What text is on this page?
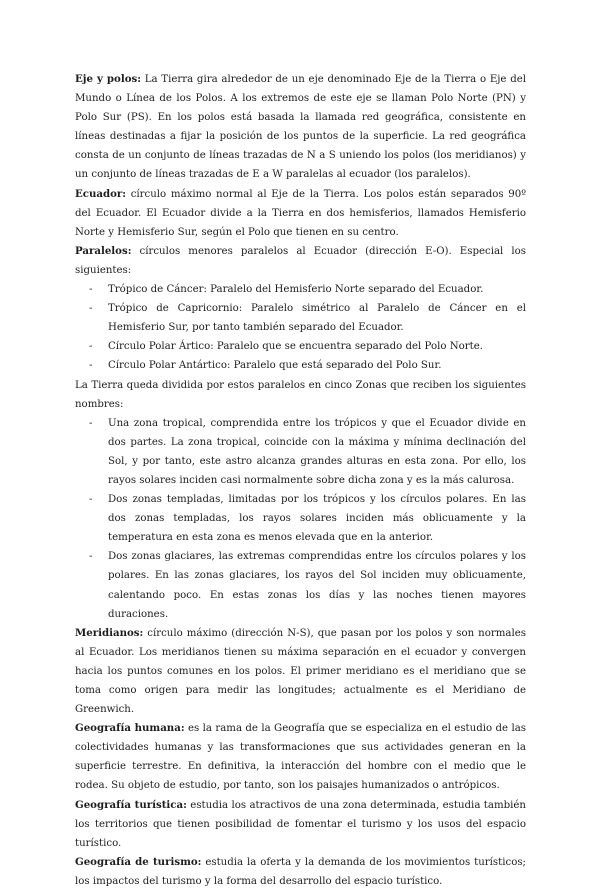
Eje y polos: La Tierra gira alrededor de un eje denominado Eje de la Tierra o Eje del Mundo o Línea de los Polos. A los extremos de este eje se llaman Polo Norte (PN) y Polo Sur (PS). En los polos está basada la llamada red geográfica, consistente en líneas destinadas a fijar la posición de los puntos de la superficie. La red geográfica consta de un conjunto de líneas trazadas de N a S uniendo los polos (los meridianos) y un conjunto de líneas trazadas de E a W paralelas al ecuador (los paralelos).

Ecuador: círculo máximo normal al Eje de la Tierra. Los polos están separados 90º del Ecuador. El Ecuador divide a la Tierra en dos hemisferios, llamados Hemisferio Norte y Hemisferio Sur, según el Polo que tienen en su centro.

Paralelos: círculos menores paralelos al Ecuador (dirección E-O). Especial los siguientes:

- Trópico de Cáncer: Paralelo del Hemisferio Norte separado del Ecuador.
- Trópico de Capricornio: Paralelo simétrico al Paralelo de Cáncer en el Hemisferio Sur, por tanto también separado del Ecuador.
- Círculo Polar Ártico: Paralelo que se encuentra separado del Polo Norte.
- Círculo Polar Antártico: Paralelo que está separado del Polo Sur.

La Tierra queda dividida por estos paralelos en cinco Zonas que reciben los siguientes nombres:

- Una zona tropical, comprendida entre los trópicos y que el Ecuador divide en dos partes. La zona tropical, coincide con la máxima y mínima declinación del Sol, y por tanto, este astro alcanza grandes alturas en esta zona. Por ello, los rayos solares inciden casi normalmente sobre dicha zona y es la más calurosa.
- Dos zonas templadas, limitadas por los trópicos y los círculos polares. En las dos zonas templadas, los rayos solares inciden más oblicuamente y la temperatura en esta zona es menos elevada que en la anterior.
- Dos zonas glaciares, las extremas comprendidas entre los círculos polares y los polares. En las zonas glaciares, los rayos del Sol inciden muy oblicuamente, calentando poco. En estas zonas los días y las noches tienen mayores duraciones.

Meridianos: círculo máximo (dirección N-S), que pasan por los polos y son normales al Ecuador. Los meridianos tienen su máxima separación en el ecuador y convergen hacia los puntos comunes en los polos. El primer meridiano es el meridiano que se toma como origen para medir las longitudes; actualmente es el Meridiano de Greenwich.

Geografía humana: es la rama de la Geografía que se especializa en el estudio de las colectividades humanas y las transformaciones que sus actividades generan en la superficie terrestre. En definitiva, la interacción del hombre con el medio que le rodea. Su objeto de estudio, por tanto, son los paisajes humanizados o antrópicos.

Geografía turística: estudia los atractivos de una zona determinada, estudia también los territorios que tienen posibilidad de fomentar el turismo y los usos del espacio turístico.

Geografía de turismo: estudia la oferta y la demanda de los movimientos turísticos; los impactos del turismo y la forma del desarrollo del espacio turístico.
